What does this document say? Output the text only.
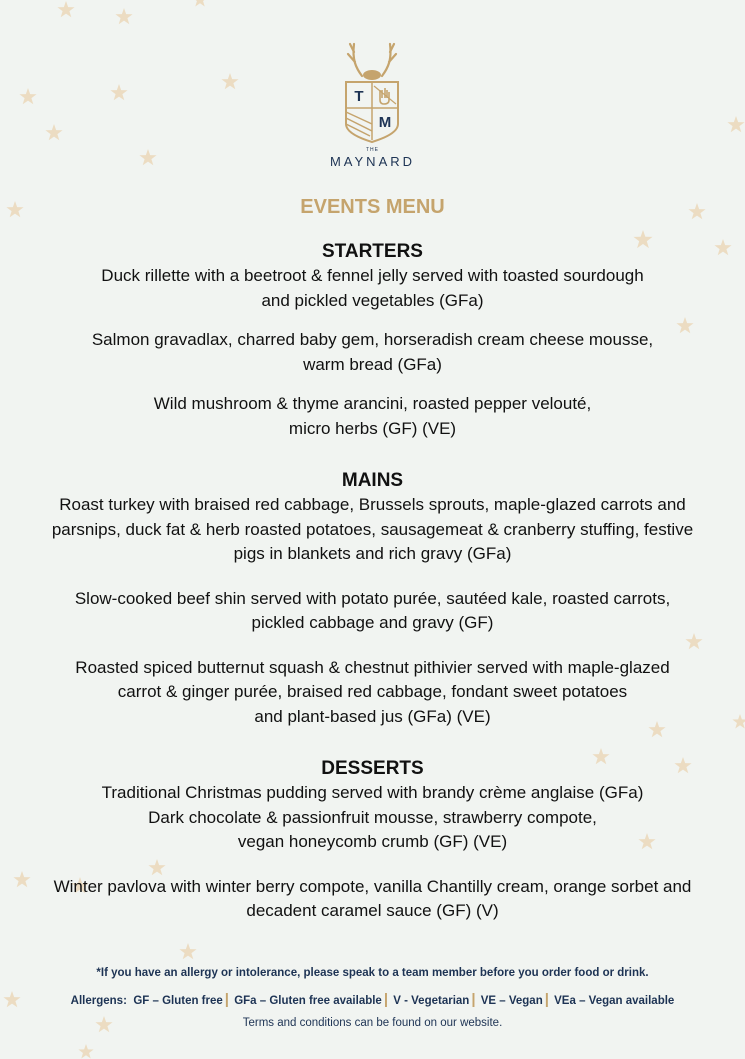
T
M
THE
MAYNARD
EVENTS MENU

STARTERS

Duck rillette with a beetroot & fennel jelly served with toasted sourdough
and pickled vegetables (GFa)

Salmon gravadlax, charred baby gem, horseradish cream cheese mousse,
warm bread (GFa)

Wild mushroom & thyme arancini, roasted pepper velouté,
micro herbs (GF) (VE)

MAINS

Roast turkey with braised red cabbage, Brussels sprouts, maple-glazed carrots and
parsnips, duck fat & herb roasted potatoes, sausagemeat & cranberry stuffing, festive
pigs in blankets and rich gravy (GFa)

Slow-cooked beef shin served with potato purée, sautéed kale, roasted carrots,
pickled cabbage and gravy (GF)

Roasted spiced butternut squash & chestnut pithivier served with maple-glazed
carrot & ginger purée, braised red cabbage, fondant sweet potatoes
and plant-based jus (GFa) (VE)

DESSERTS

Traditional Christmas pudding served with brandy crème anglaise (GFa)
Dark chocolate & passionfruit mousse, strawberry compote,
vegan honeycomb crumb (GF) (VE)

Winter pavlova with winter berry compote, vanilla Chantilly cream, orange sorbet and
decadent caramel sauce (GF) (V)

*If you have an allergy or intolerance, please speak to a team member before you order food or drink.
Allergens: GF – Gluten free | GFa – Gluten free available | V - Vegetarian | VE – Vegan | VEa – Vegan available
Terms and conditions can be found on our website.
